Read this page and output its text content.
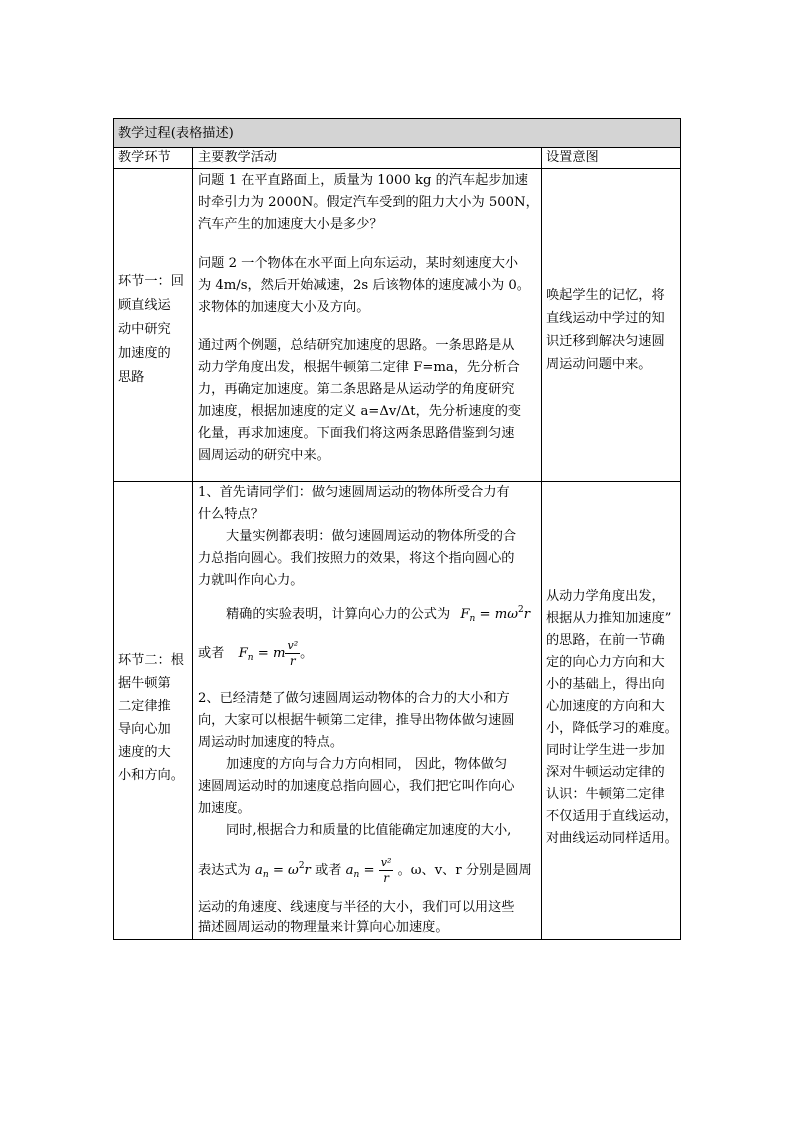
教学过程(表格描述)
教学环节 主要教学活动	设置意图
环节一：回
顾直线运
动中研究
加速度的
思路
问题 1 在平直路面上，质量为 1000 kg 的汽车起步加速
时牵引力为 2000N。假定汽车受到的阻力大小为 500N，
汽车产生的加速度大小是多少？
问题 2 一个物体在水平面上向东运动，某时刻速度大小
为 4m/s，然后开始减速，2s 后该物体的速度减小为 0。
求物体的加速度大小及方向。
通过两个例题，总结研究加速度的思路。一条思路是从
动力学角度出发，根据牛顿第二定律 F=ma，先分析合
力，再确定加速度。第二条思路是从运动学的角度研究
加速度，根据加速度的定义 a=Δv/Δt，先分析速度的变
化量，再求加速度。下面我们将这两条思路借鉴到匀速
圆周运动的研究中来。
唤起学生的记忆，将
直线运动中学过的知
识迁移到解决匀速圆
周运动问题中来。
环节二：根
据牛顿第
二定律推
导向心加
速度的大
小和方向。
1、首先请同学们：做匀速圆周运动的物体所受合力有
什么特点？
大量实例都表明：做匀速圆周运动的物体所受的合
力总指向圆心。我们按照力的效果，将这个指向圆心的
力就叫作向心力。
精确的实验表明，计算向心力的公式为 $F_n = m\omega^2r$
或者 $F_n = m \frac{\text{v²}}{r}$ 。
2、已经清楚了做匀速圆周运动物体的合力的大小和方
向，大家可以根据牛顿第二定律，推导出物体做匀速圆
周运动时加速度的特点。
加速度的方向与合力方向相同， 因此，物体做匀
速圆周运动时的加速度总指向圆心，我们把它叫作向心
加速度。
同时,根据合力和质量的比值能确定加速度的大小,
表达式为 $a_n = \omega^2r$ 或者 $a_n = \frac{\text{v²}}{r}$ 。ω、v、r 分别是圆周
运动的角速度、线速度与半径的大小，我们可以用这些
描述圆周运动的物理量来计算向心加速度。
从动力学角度出发，
根据从力推知加速度”
的思路，在前一节确
定的向心力方向和大
小的基础上，得出向
心加速度的方向和大
小，降低学习的难度。
同时让学生进一步加
深对牛顿运动定律的
认识：牛顿第二定律
不仅适用于直线运动，
对曲线运动同样适用。
